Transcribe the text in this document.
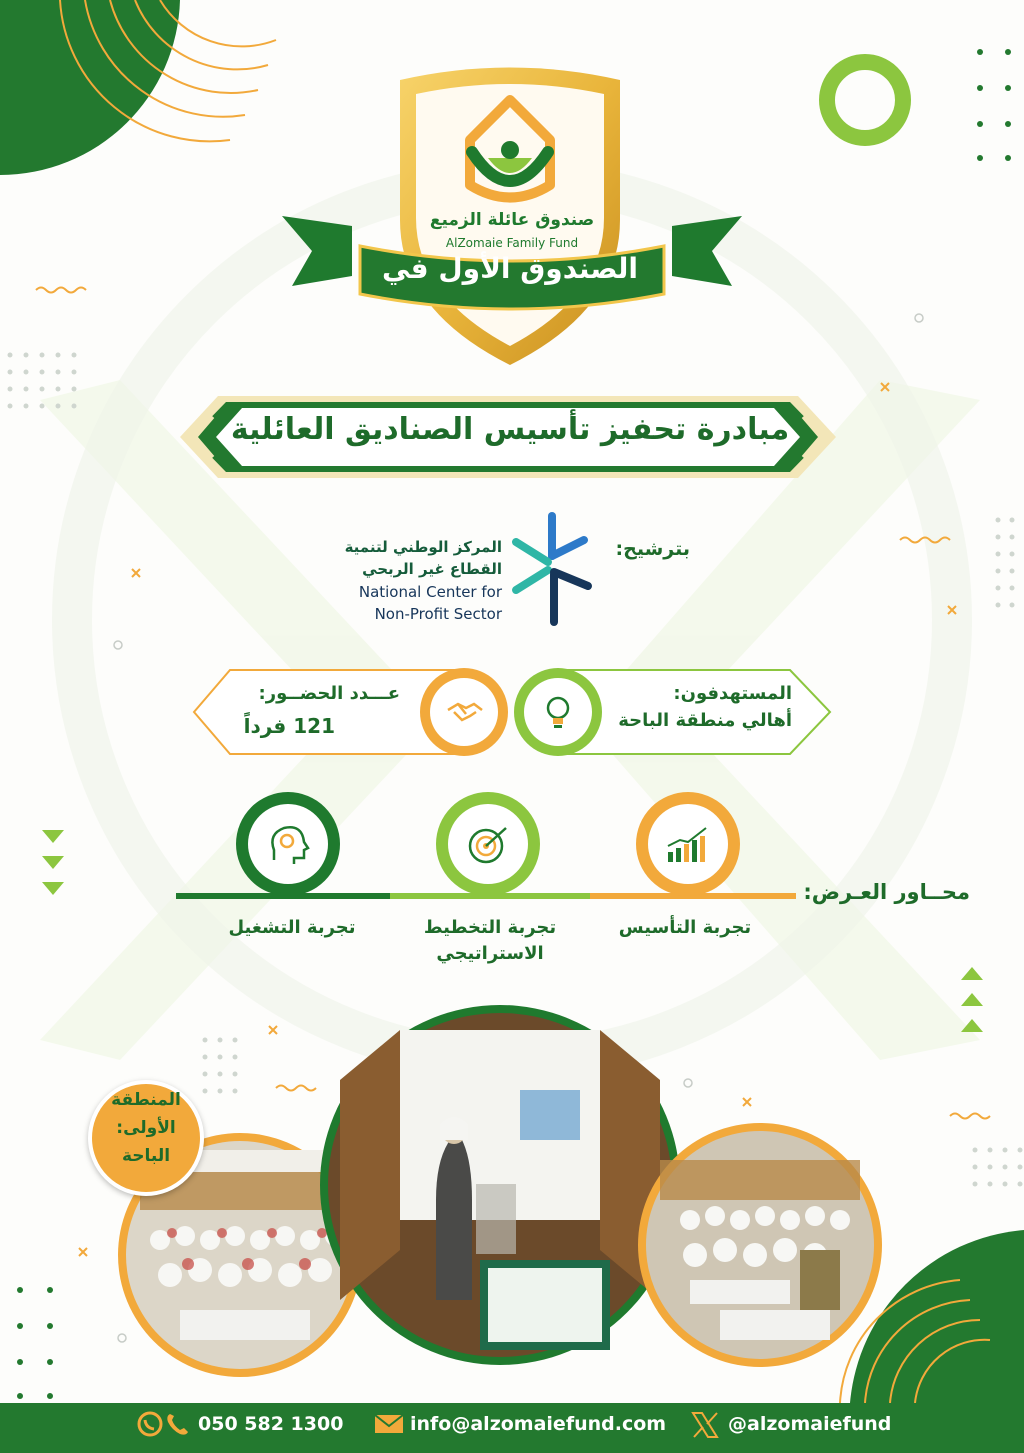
صندوق عائلة الزميع
AlZomaie Family Fund
الصندوق الأول في
مبادرة تحفيز تأسيس الصناديق العائلية
بترشيح:
المركز الوطني لتنمية
القطاع غير الربحي
National Center for
Non-Profit Sector
المستهدفون:
أهالي منطقة الباحة
عـــدد الحضــور:
121 فرداً
محــاور العـرض:
تجربة التأسيس
تجربة التخطيط
الاستراتيجي
تجربة التشغيل
المنطقة
الأولى:
الباحة
050 582 1300	info@alzomaiefund.com	@alzomaiefund
